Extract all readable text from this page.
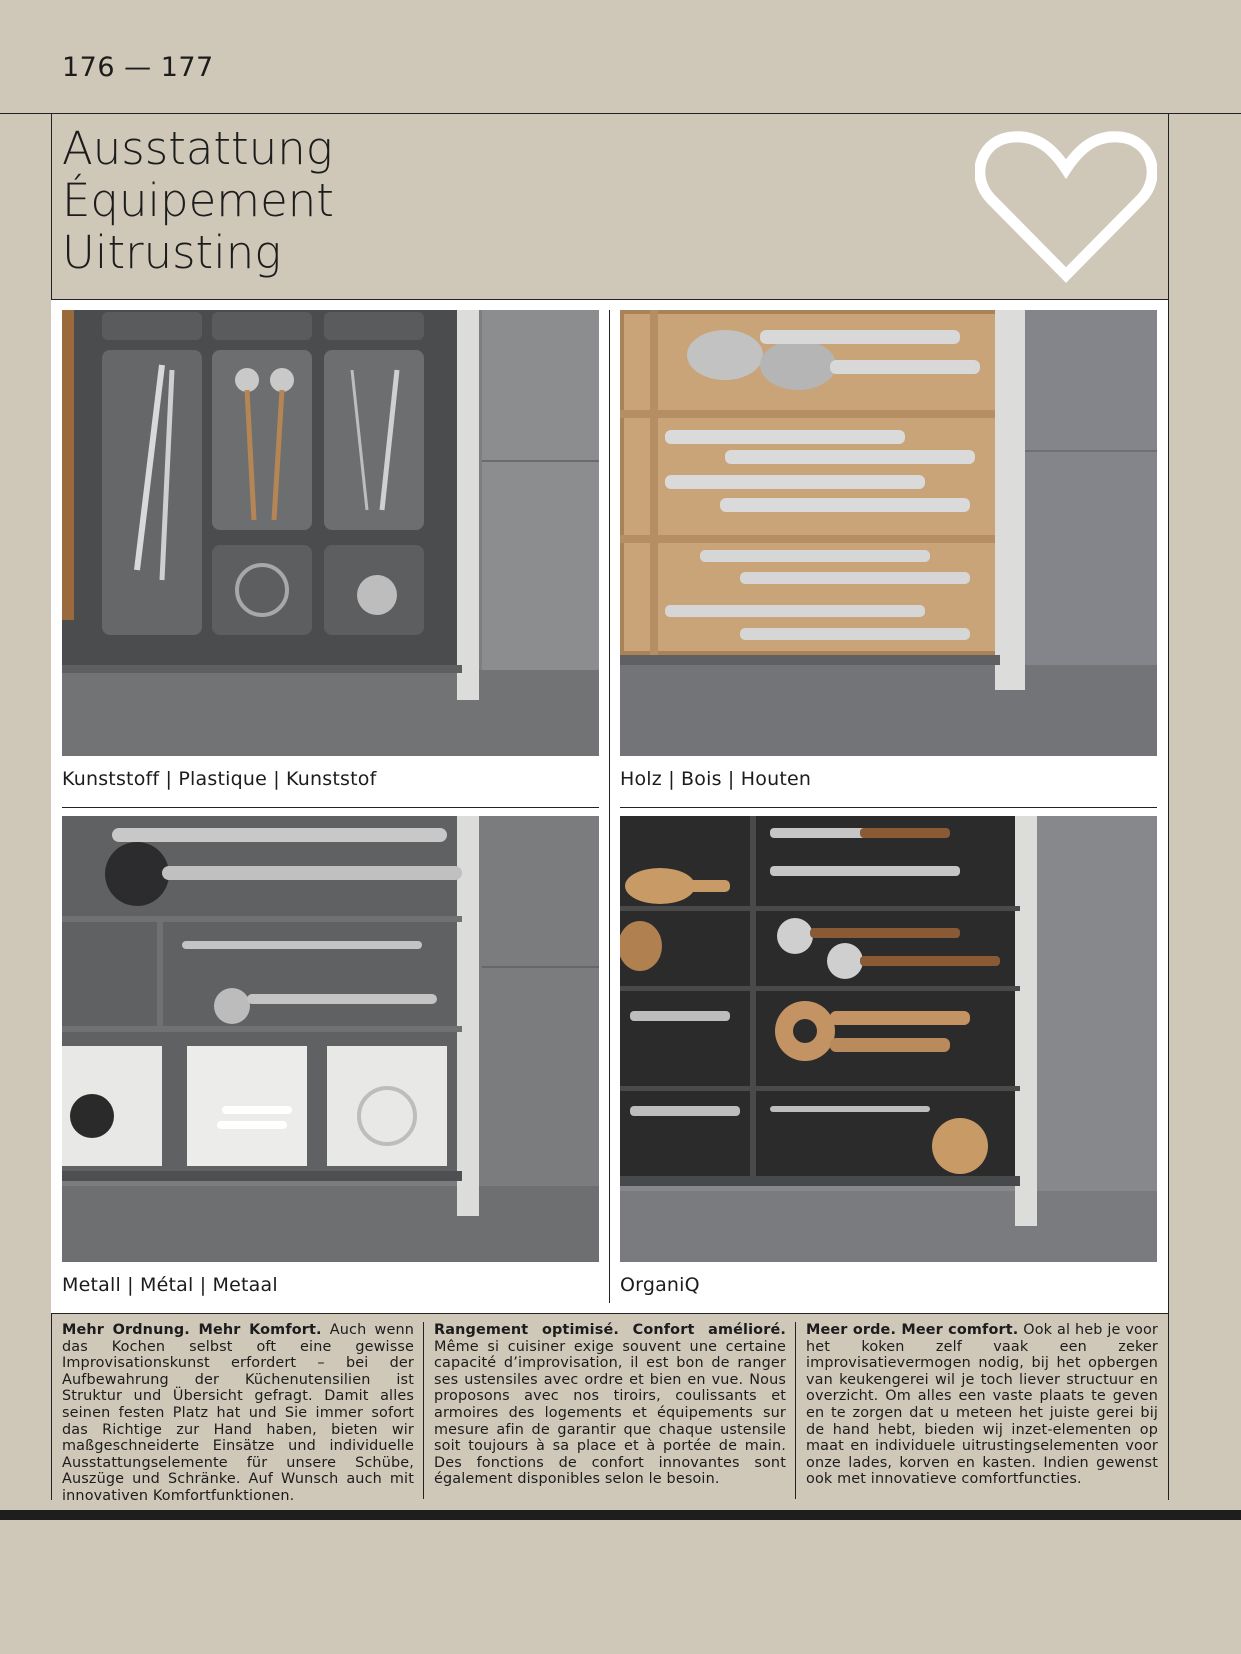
176 — 177
Ausstattung
Équipement
Uitrusting
Kunststoff | Plastique | Kunststof	Holz | Bois | Houten
Metall | Métal | Metaal	OrganiQ
Mehr Ordnung. Mehr Komfort. Auch wenn das Kochen selbst oft eine gewisse Improvisationskunst erfordert – bei der Aufbewahrung der Küchenutensilien ist Struktur und Übersicht gefragt. Damit alles seinen festen Platz hat und Sie immer sofort das Richtige zur Hand haben, bieten wir maßgeschneiderte Einsätze und individuelle Ausstattungselemente für unsere Schübe, Auszüge und Schränke. Auf Wunsch auch mit innovativen Komfortfunktionen.
Rangement optimisé. Confort amélioré. Même si cuisiner exige souvent une certaine capacité d’improvisation, il est bon de ranger ses ustensiles avec ordre et bien en vue. Nous proposons avec nos tiroirs, coulissants et armoires des logements et équipements sur mesure afin de garantir que chaque ustensile soit toujours à sa place et à portée de main. Des fonctions de confort innovantes sont également disponibles selon le besoin.
Meer orde. Meer comfort. Ook al heb je voor het koken zelf vaak een zeker improvisatievermogen nodig, bij het opbergen van keukengerei wil je toch liever structuur en overzicht. Om alles een vaste plaats te geven en te zorgen dat u meteen het juiste gerei bij de hand hebt, bieden wij inzet-elementen op maat en individuele uitrustingselementen voor onze lades, korven en kasten. Indien gewenst ook met innovatieve comfortfuncties.
